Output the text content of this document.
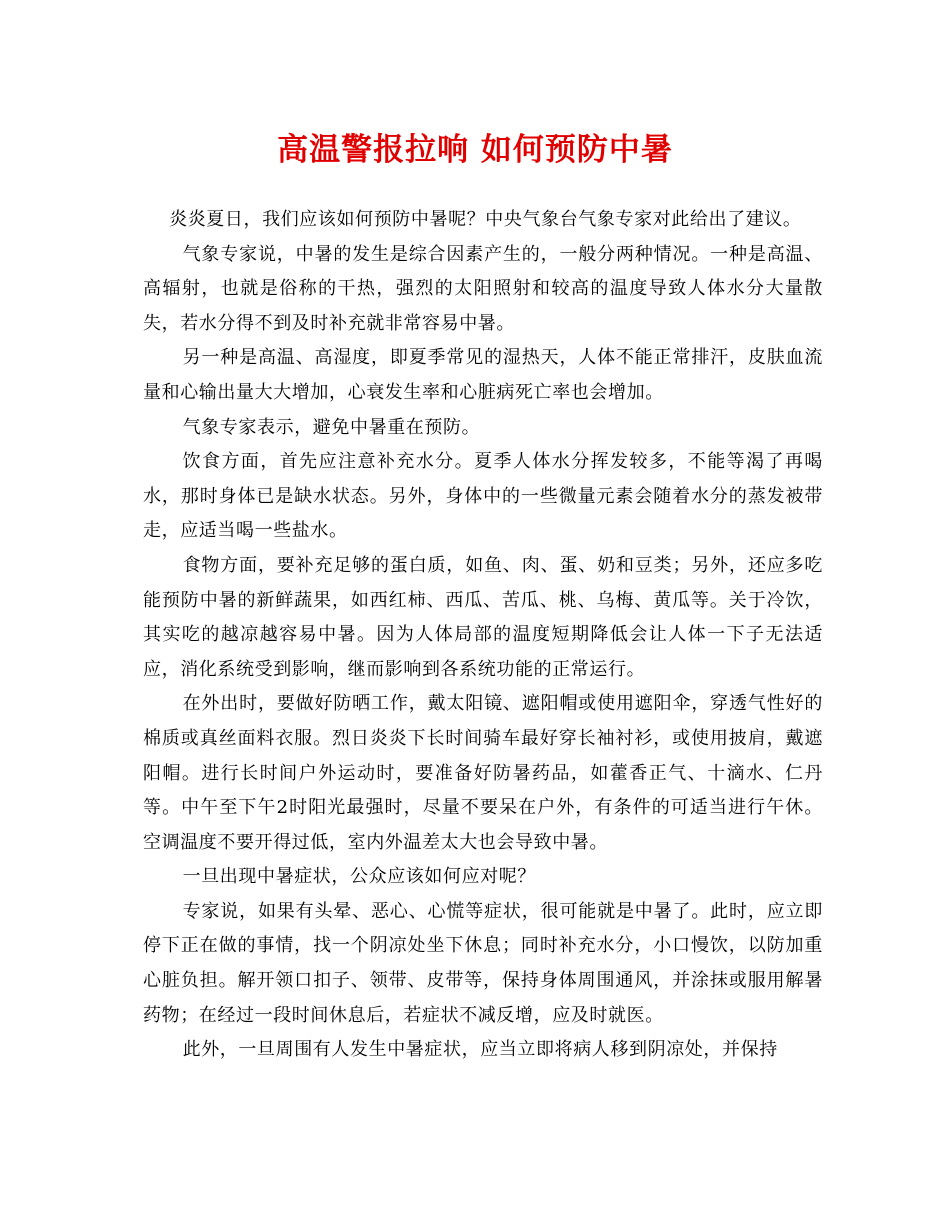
高温警报拉响 如何预防中暑

炎炎夏日，我们应该如何预防中暑呢？中央气象台气象专家对此给出了建议。

气象专家说，中暑的发生是综合因素产生的，一般分两种情况。一种是高温、高辐射，也就是俗称的干热，强烈的太阳照射和较高的温度导致人体水分大量散失，若水分得不到及时补充就非常容易中暑。

另一种是高温、高湿度，即夏季常见的湿热天，人体不能正常排汗，皮肤血流量和心输出量大大增加，心衰发生率和心脏病死亡率也会增加。

气象专家表示，避免中暑重在预防。

饮食方面，首先应注意补充水分。夏季人体水分挥发较多，不能等渴了再喝水，那时身体已是缺水状态。另外，身体中的一些微量元素会随着水分的蒸发被带走，应适当喝一些盐水。

食物方面，要补充足够的蛋白质，如鱼、肉、蛋、奶和豆类；另外，还应多吃能预防中暑的新鲜蔬果，如西红柿、西瓜、苦瓜、桃、乌梅、黄瓜等。关于冷饮，其实吃的越凉越容易中暑。因为人体局部的温度短期降低会让人体一下子无法适应，消化系统受到影响，继而影响到各系统功能的正常运行。

在外出时，要做好防晒工作，戴太阳镜、遮阳帽或使用遮阳伞，穿透气性好的棉质或真丝面料衣服。烈日炎炎下长时间骑车最好穿长袖衬衫，或使用披肩，戴遮阳帽。进行长时间户外运动时，要准备好防暑药品，如藿香正气、十滴水、仁丹等。中午至下午2时阳光最强时，尽量不要呆在户外，有条件的可适当进行午休。空调温度不要开得过低，室内外温差太大也会导致中暑。

一旦出现中暑症状，公众应该如何应对呢？

专家说，如果有头晕、恶心、心慌等症状，很可能就是中暑了。此时，应立即停下正在做的事情，找一个阴凉处坐下休息；同时补充水分，小口慢饮，以防加重心脏负担。解开领口扣子、领带、皮带等，保持身体周围通风，并涂抹或服用解暑药物；在经过一段时间休息后，若症状不减反增，应及时就医。

此外，一旦周围有人发生中暑症状，应当立即将病人移到阴凉处，并保持
